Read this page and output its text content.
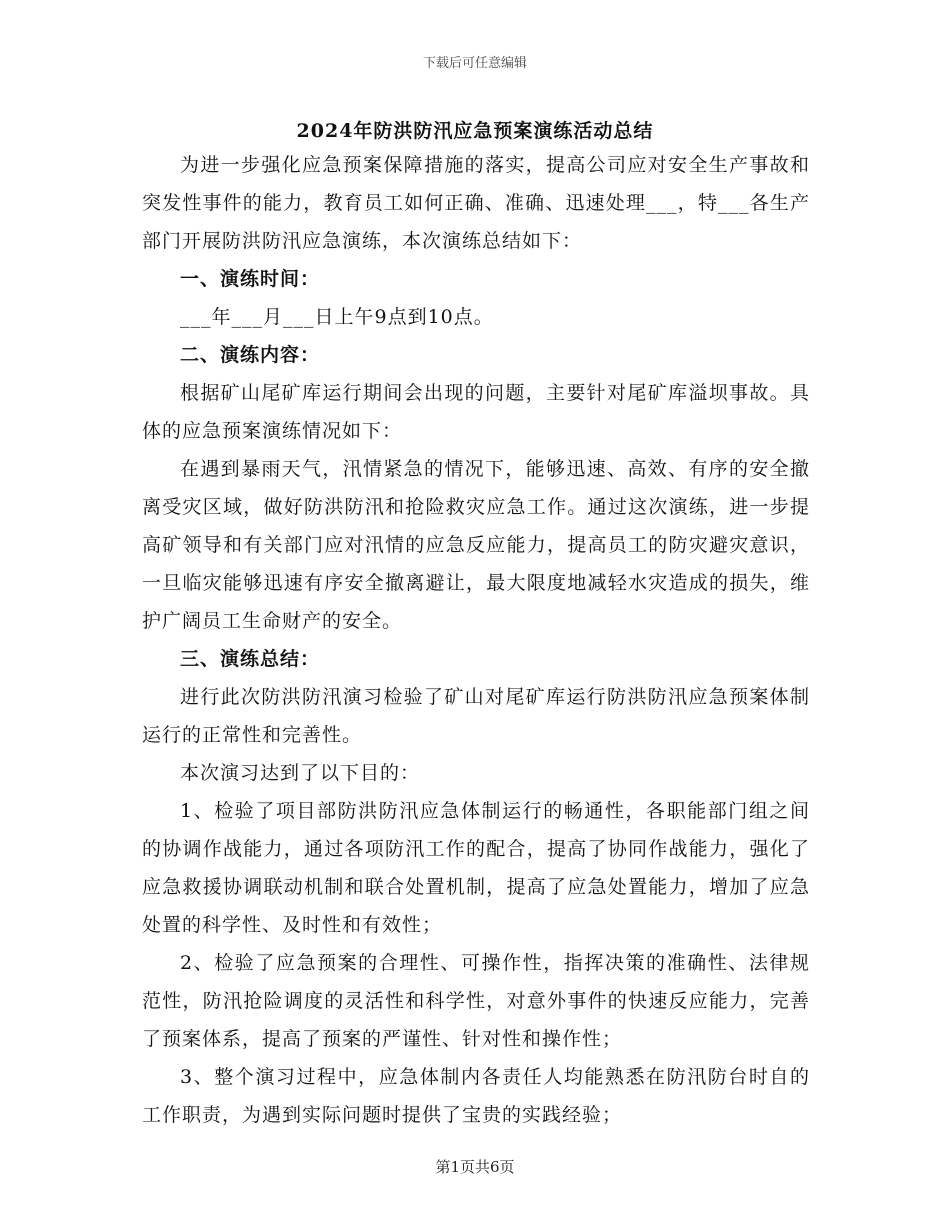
下载后可任意编辑
2024年防洪防汛应急预案演练活动总结

为进一步强化应急预案保障措施的落实，提高公司应对安全生产事故和突发性事件的能力，教育员工如何正确、准确、迅速处理___，特___各生产部门开展防洪防汛应急演练，本次演练总结如下：

一、演练时间：

___年___月___日上午9点到10点。

二、演练内容：

根据矿山尾矿库运行期间会出现的问题，主要针对尾矿库溢坝事故。具体的应急预案演练情况如下：

在遇到暴雨天气，汛情紧急的情况下，能够迅速、高效、有序的安全撤离受灾区域，做好防洪防汛和抢险救灾应急工作。通过这次演练，进一步提高矿领导和有关部门应对汛情的应急反应能力，提高员工的防灾避灾意识，一旦临灾能够迅速有序安全撤离避让，最大限度地减轻水灾造成的损失，维护广阔员工生命财产的安全。

三、演练总结：

进行此次防洪防汛演习检验了矿山对尾矿库运行防洪防汛应急预案体制运行的正常性和完善性。

本次演习达到了以下目的：

1、检验了项目部防洪防汛应急体制运行的畅通性，各职能部门组之间的协调作战能力，通过各项防汛工作的配合，提高了协同作战能力，强化了应急救援协调联动机制和联合处置机制，提高了应急处置能力，增加了应急处置的科学性、及时性和有效性；

2、检验了应急预案的合理性、可操作性，指挥决策的准确性、法律规范性，防汛抢险调度的灵活性和科学性，对意外事件的快速反应能力，完善了预案体系，提高了预案的严谨性、针对性和操作性；

3、整个演习过程中，应急体制内各责任人均能熟悉在防汛防台时自的工作职责，为遇到实际问题时提供了宝贵的实践经验；

第1页共6页
